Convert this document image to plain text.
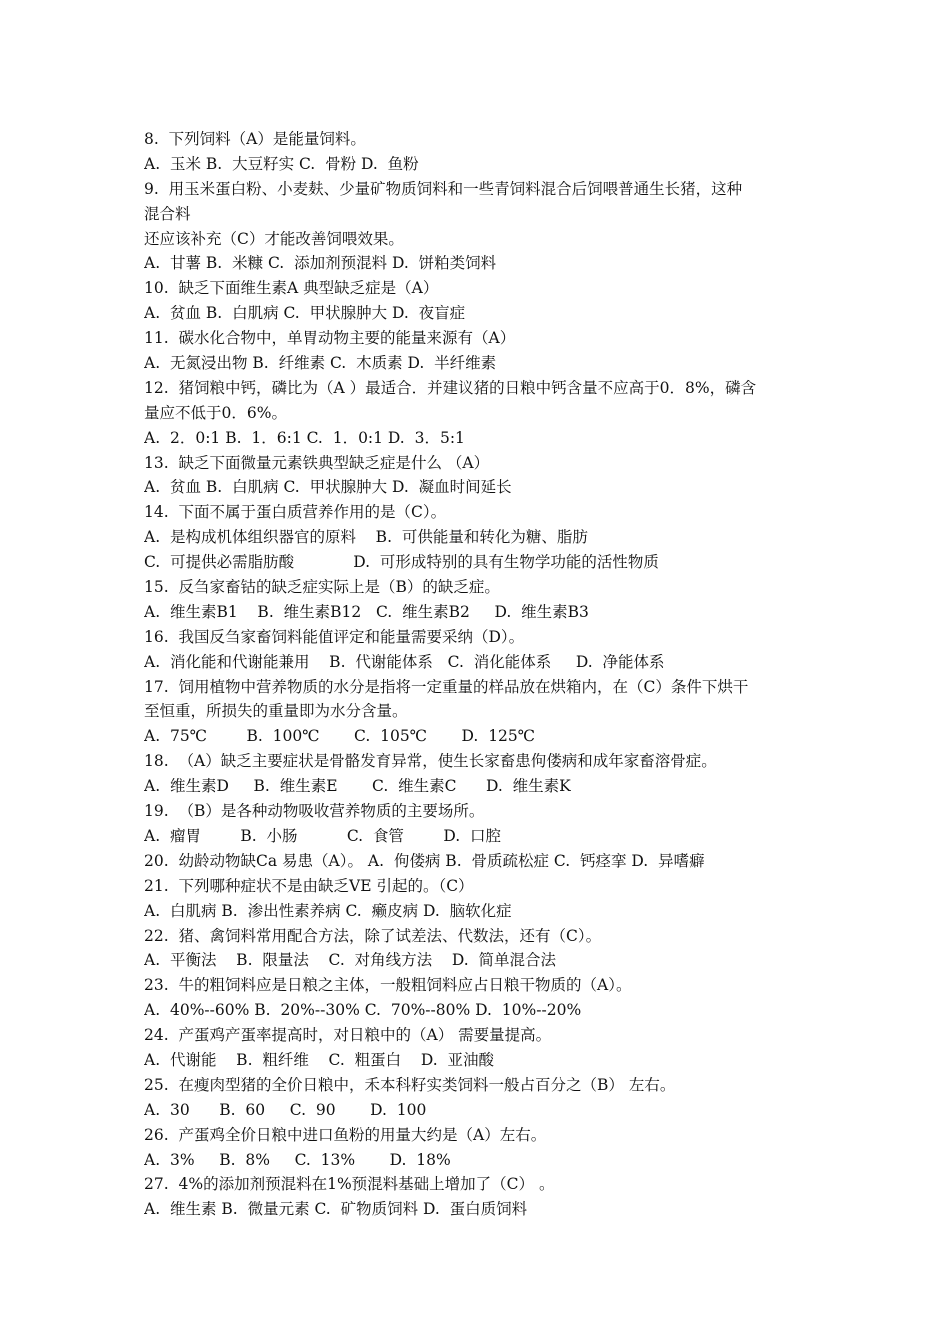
8.  下列饲料（A）是能量饲料。
A.  玉米 B.  大豆籽实 C.  骨粉 D.  鱼粉
9.  用玉米蛋白粉、小麦麸、少量矿物质饲料和一些青饲料混合后饲喂普通生长猪，这种
混合料
还应该补充（C）才能改善饲喂效果。
A.  甘薯 B.  米糠 C.  添加剂预混料 D.  饼粕类饲料
10.  缺乏下面维生素A 典型缺乏症是（A）
A.  贫血 B.  白肌病 C.  甲状腺肿大 D.  夜盲症
11.  碳水化合物中，单胃动物主要的能量来源有（A）
A.  无氮浸出物 B.  纤维素 C.  木质素 D.  半纤维素
12.  猪饲粮中钙，磷比为（A ）最适合．并建议猪的日粮中钙含量不应高于0．8%，磷含
量应不低于0．6%。
A.  2．0:1 B.  1．6:1 C.  1．0:1 D.  3．5:1
13.  缺乏下面微量元素铁典型缺乏症是什么 （A）
A.  贫血 B.  白肌病 C.  甲状腺肿大 D.  凝血时间延长
14.  下面不属于蛋白质营养作用的是（C）。
A.  是构成机体组织器官的原料    B.  可供能量和转化为糖、脂肪
C.  可提供必需脂肪酸            D.  可形成特别的具有生物学功能的活性物质
15.  反刍家畜钴的缺乏症实际上是（B）的缺乏症。
A.  维生素B1    B.  维生素B12   C.  维生素B2     D.  维生素B3
16.  我国反刍家畜饲料能值评定和能量需要采纳（D）。
A.  消化能和代谢能兼用    B.  代谢能体系   C.  消化能体系     D.  净能体系
17.  饲用植物中营养物质的水分是指将一定重量的样品放在烘箱内，在（C）条件下烘干
至恒重，所损失的重量即为水分含量。
A.  75℃        B.  100℃       C.  105℃       D.  125℃
18.  （A）缺乏主要症状是骨骼发育异常，使生长家畜患佝偻病和成年家畜溶骨症。
A.  维生素D     B.  维生素E       C.  维生素C      D.  维生素K
19.  （B）是各种动物吸收营养物质的主要场所。
A.  瘤胃        B.  小肠          C.  食管        D.  口腔
20.  幼龄动物缺Ca 易患（A）。 A.  佝偻病 B.  骨质疏松症 C.  钙痉挛 D.  异嗜癖
21.  下列哪种症状不是由缺乏VE 引起的。（C）
A.  白肌病 B.  渗出性素养病 C.  癞皮病 D.  脑软化症
22.  猪、禽饲料常用配合方法，除了试差法、代数法，还有（C）。
A.  平衡法    B.  限量法    C.  对角线方法    D.  简单混合法
23.  牛的粗饲料应是日粮之主体，一般粗饲料应占日粮干物质的（A）。
A.  40%--60% B.  20%--30% C.  70%--80% D.  10%--20%
24.  产蛋鸡产蛋率提高时，对日粮中的（A） 需要量提高。
A.  代谢能    B.  粗纤维    C.  粗蛋白    D.  亚油酸
25.  在瘦肉型猪的全价日粮中，禾本科籽实类饲料一般占百分之（B） 左右。
A.  30      B.  60     C.  90       D.  100
26.  产蛋鸡全价日粮中进口鱼粉的用量大约是（A）左右。
A.  3%     B.  8%     C.  13%       D.  18%
27.  4%的添加剂预混料在1%预混料基础上增加了（C） 。
A.  维生素 B.  微量元素 C.  矿物质饲料 D.  蛋白质饲料
